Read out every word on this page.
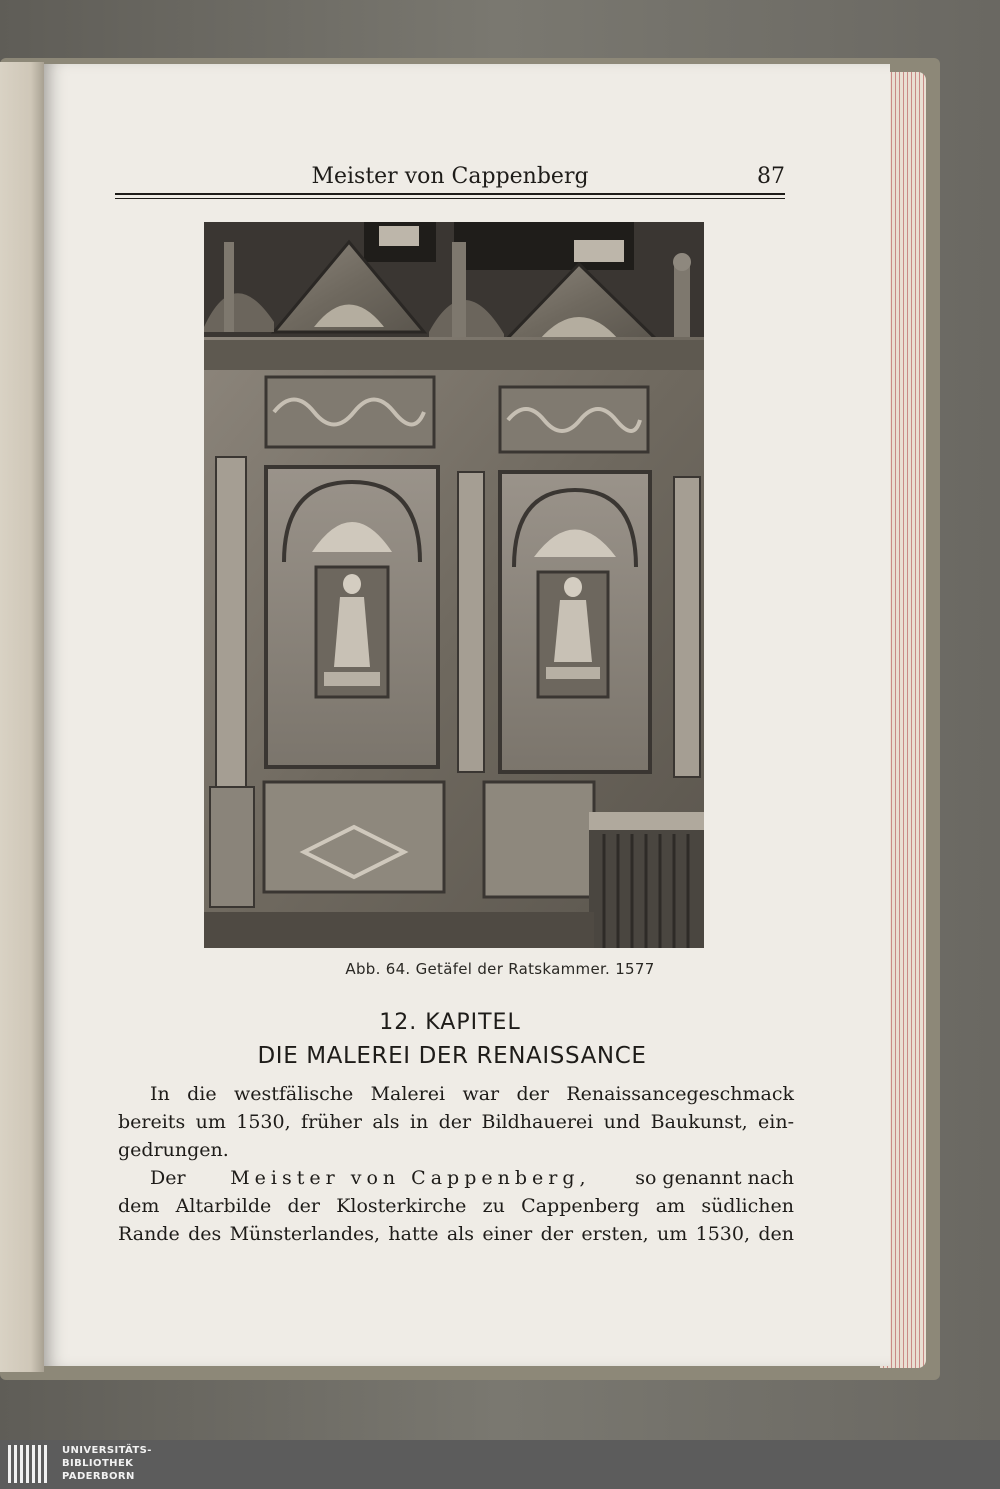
Meister von Cappenberg	87
Abb. 64. Getäfel der Ratskammer. 1577
12. KAPITEL
DIE MALEREI DER RENAISSANCE
In die westfälische Malerei war der Renaissancegeschmack
bereits um 1530, früher als in der Bildhauerei und Baukunst, ein-
gedrungen.
Der Meister von Cappenberg, so genannt nach
dem Altarbilde der Klosterkirche zu Cappenberg am südlichen
Rande des Münsterlandes, hatte als einer der ersten, um 1530, den
UNIVERSITÄTS-
BIBLIOTHEK
PADERBORN
